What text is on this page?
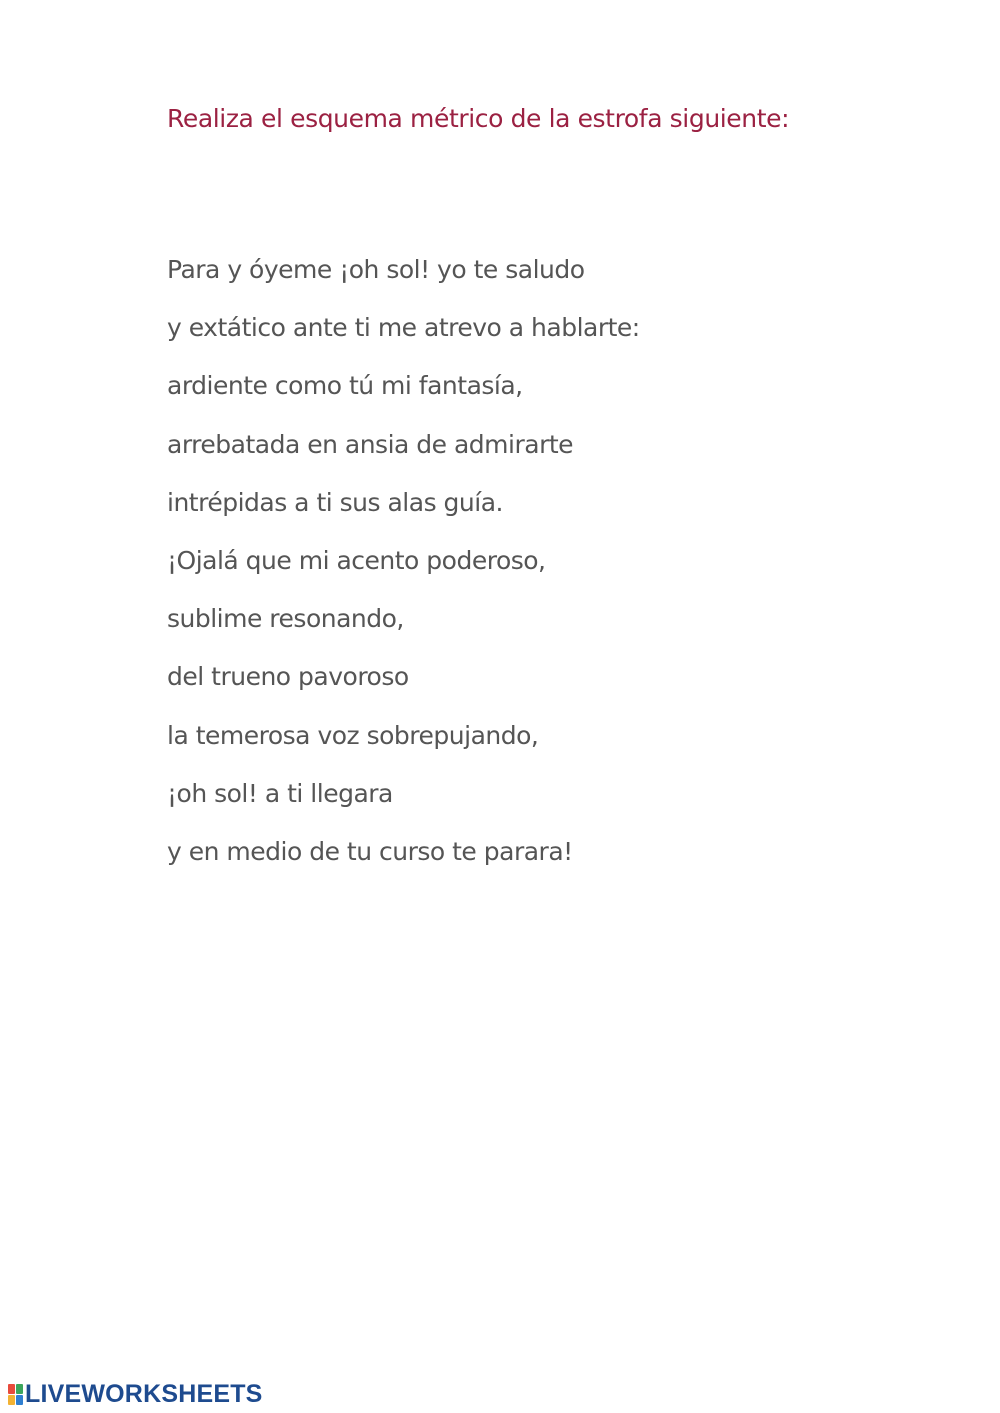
Realiza el esquema métrico de la estrofa siguiente:
Para y óyeme ¡oh sol! yo te saludo
y extático ante ti me atrevo a hablarte:
ardiente como tú mi fantasía,
arrebatada en ansia de admirarte
intrépidas a ti sus alas guía.
¡Ojalá que mi acento poderoso,
sublime resonando,
del trueno pavoroso
la temerosa voz sobrepujando,
¡oh sol! a ti llegara
y en medio de tu curso te parara!
LIVEWORKSHEETS
